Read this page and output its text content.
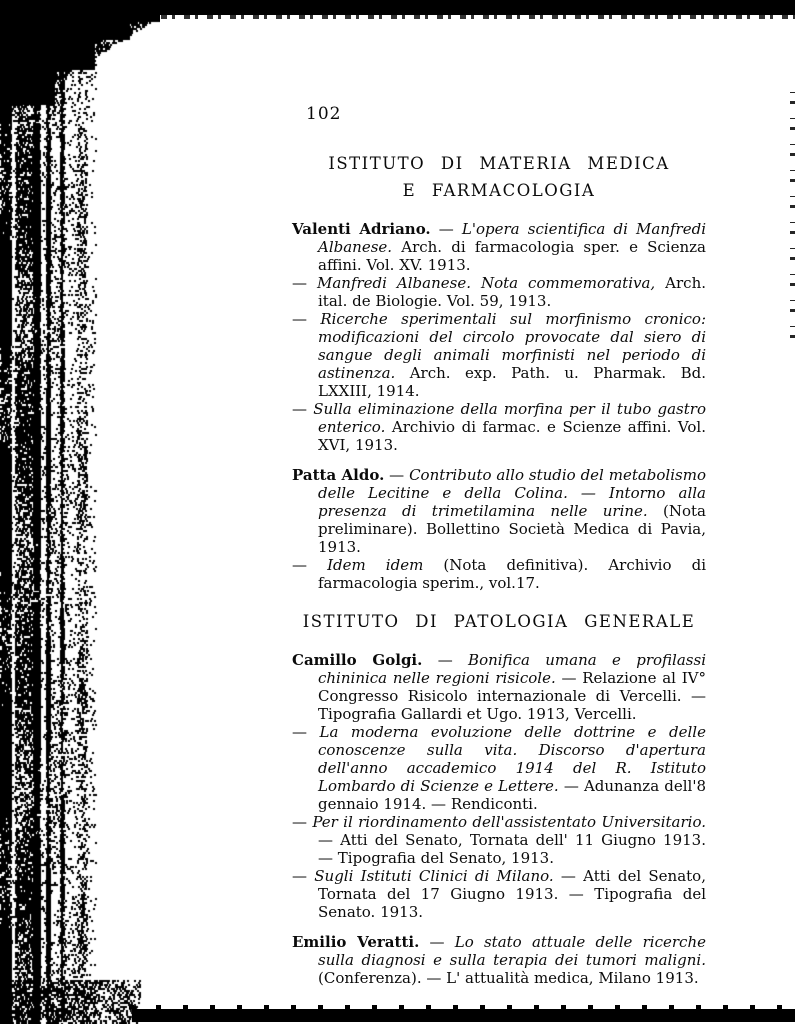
102
ISTITUTO DI MATERIA MEDICA
E FARMACOLOGIA

Valenti Adriano. — L'opera scientifica di Manfredi Albanese. Arch. di farmacologia sper. e Scienza affini. Vol. XV. 1913.

— Manfredi Albanese. Nota commemorativa, Arch. ital. de Biologie. Vol. 59, 1913.

— Ricerche sperimentali sul morfinismo cronico: modificazioni del circolo provocate dal siero di sangue degli animali morfinisti nel periodo di astinenza. Arch. exp. Path. u. Pharmak. Bd. LXXIII, 1914.

— Sulla eliminazione della morfina per il tubo gastro enterico. Archivio di farmac. e Scienze affini. Vol. XVI, 1913.

Patta Aldo. — Contributo allo studio del metabolismo delle Lecitine e della Colina. — Intorno alla presenza di trimetilamina nelle urine. (Nota preliminare). Bollettino Società Medica di Pavia, 1913.

— Idem idem (Nota definitiva). Archivio di farmacologia sperim., vol.17.

ISTITUTO DI PATOLOGIA GENERALE

Camillo Golgi. — Bonifica umana e profilassi chininica nelle regioni risicole. — Relazione al IV° Congresso Risicolo internazionale di Vercelli. — Tipografia Gallardi et Ugo. 1913, Vercelli.

— La moderna evoluzione delle dottrine e delle conoscenze sulla vita. Discorso d'apertura dell'anno accademico 1914 del R. Istituto Lombardo di Scienze e Lettere. — Adunanza dell'8 gennaio 1914. — Rendiconti.

— Per il riordinamento dell'assistentato Universitario. — Atti del Senato, Tornata dell' 11 Giugno 1913. — Tipografia del Senato, 1913.

— Sugli Istituti Clinici di Milano. — Atti del Senato, Tornata del 17 Giugno 1913. — Tipografia del Senato. 1913.

Emilio Veratti. — Lo stato attuale delle ricerche sulla diagnosi e sulla terapia dei tumori maligni. (Conferenza). — L' attualità medica, Milano 1913.
